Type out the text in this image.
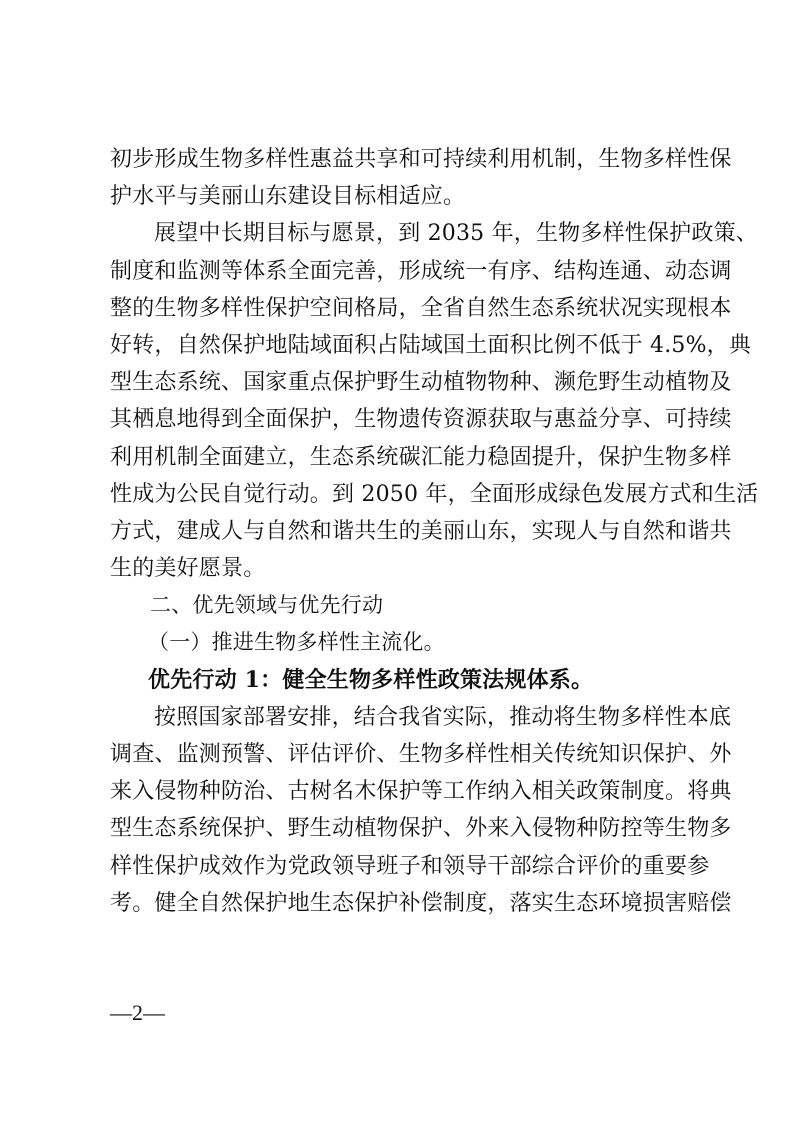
初步形成生物多样性惠益共享和可持续利用机制，生物多样性保
护水平与美丽山东建设目标相适应。
展望中长期目标与愿景，到 2035 年，生物多样性保护政策、
制度和监测等体系全面完善，形成统一有序、结构连通、动态调
整的生物多样性保护空间格局，全省自然生态系统状况实现根本
好转，自然保护地陆域面积占陆域国土面积比例不低于 4.5%，典
型生态系统、国家重点保护野生动植物物种、濒危野生动植物及
其栖息地得到全面保护，生物遗传资源获取与惠益分享、可持续
利用机制全面建立，生态系统碳汇能力稳固提升，保护生物多样
性成为公民自觉行动。到 2050 年，全面形成绿色发展方式和生活
方式，建成人与自然和谐共生的美丽山东，实现人与自然和谐共
生的美好愿景。
二、优先领域与优先行动
（一）推进生物多样性主流化。
优先行动 1：健全生物多样性政策法规体系。
按照国家部署安排，结合我省实际，推动将生物多样性本底
调查、监测预警、评估评价、生物多样性相关传统知识保护、外
来入侵物种防治、古树名木保护等工作纳入相关政策制度。将典
型生态系统保护、野生动植物保护、外来入侵物种防控等生物多
样性保护成效作为党政领导班子和领导干部综合评价的重要参
考。健全自然保护地生态保护补偿制度，落实生态环境损害赔偿
—2—
